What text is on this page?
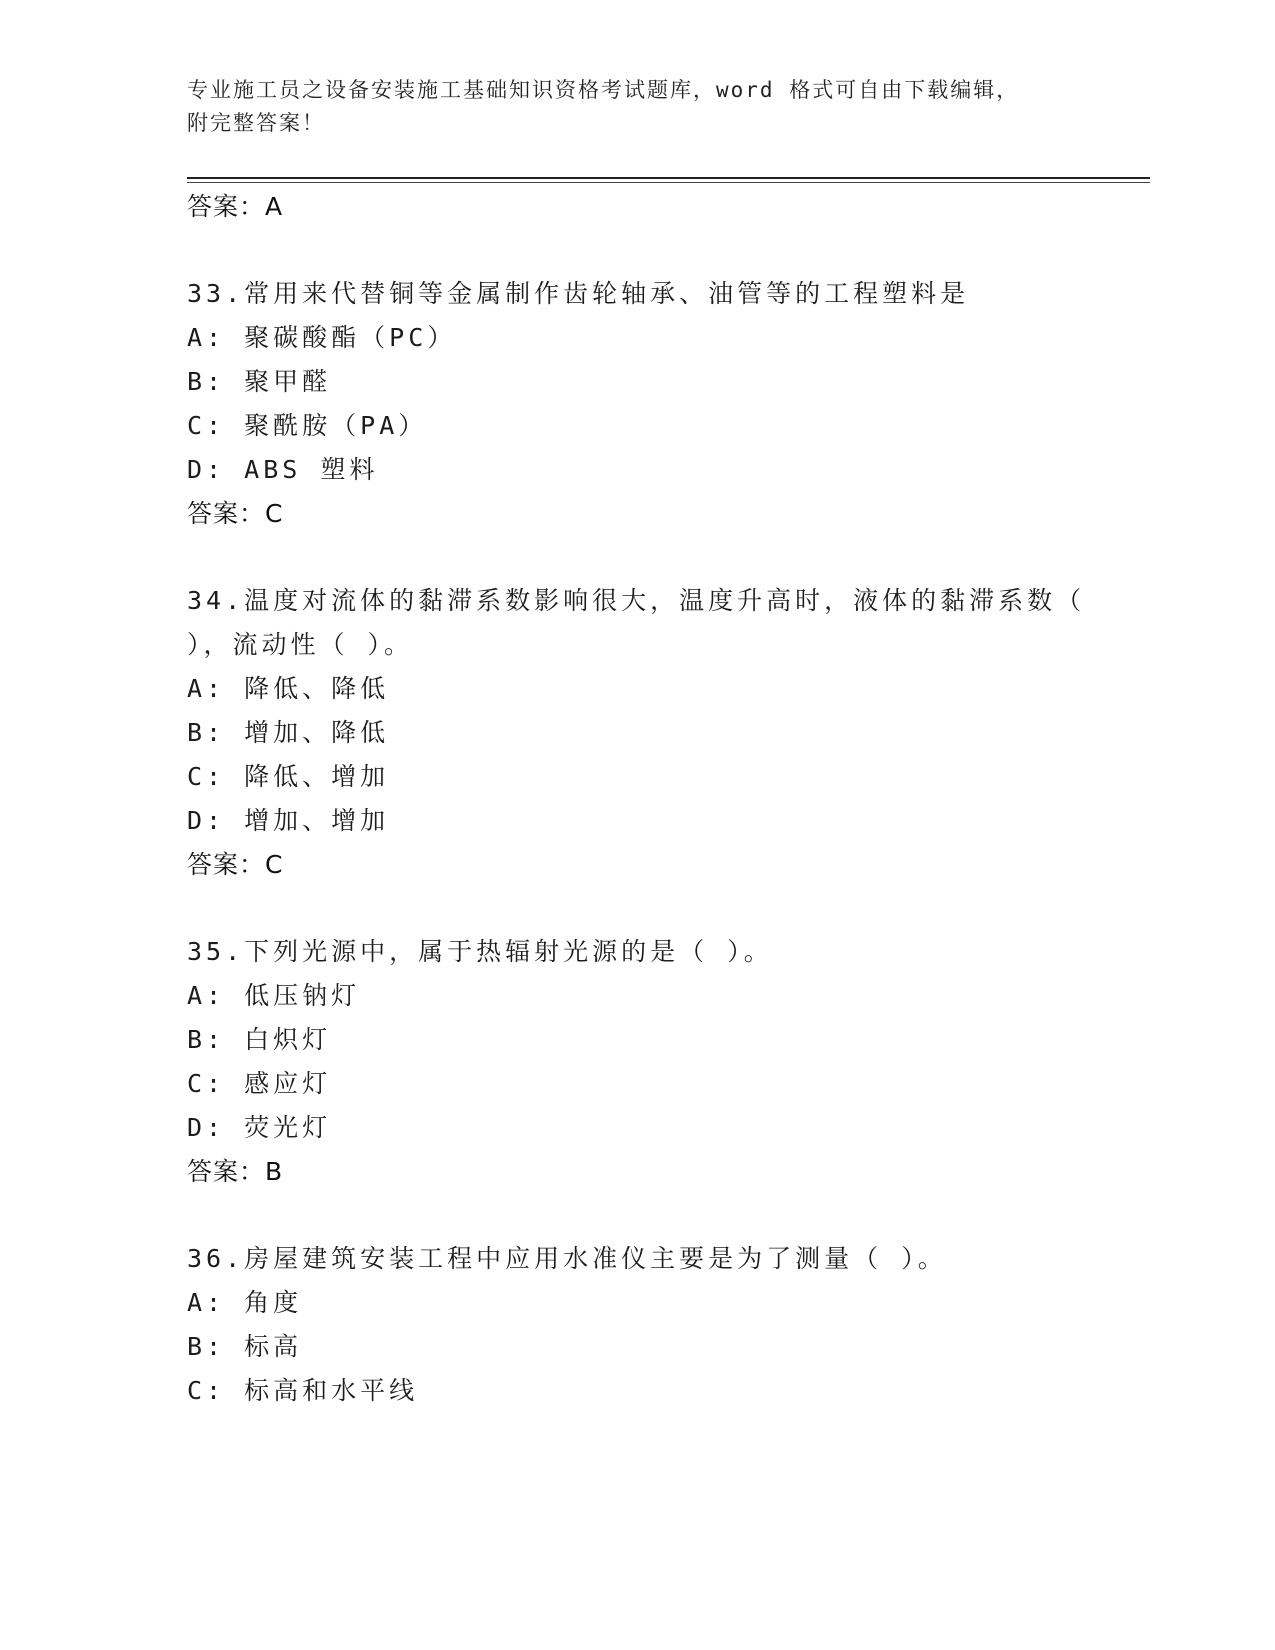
专业施工员之设备安装施工基础知识资格考试题库，word 格式可自由下载编辑，
附完整答案！
答案：A
33.常用来代替铜等金属制作齿轮轴承、油管等的工程塑料是
A: 聚碳酸酯（PC）
B: 聚甲醛
C: 聚酰胺（PA）
D: ABS 塑料
答案：C
34.温度对流体的黏滞系数影响很大，温度升高时，液体的黏滞系数（
），流动性（ ）。
A: 降低、降低
B: 增加、降低
C: 降低、增加
D: 增加、增加
答案：C
35.下列光源中，属于热辐射光源的是（ ）。
A: 低压钠灯
B: 白炽灯
C: 感应灯
D: 荧光灯
答案：B
36.房屋建筑安装工程中应用水准仪主要是为了测量（ ）。
A: 角度
B: 标高
C: 标高和水平线
